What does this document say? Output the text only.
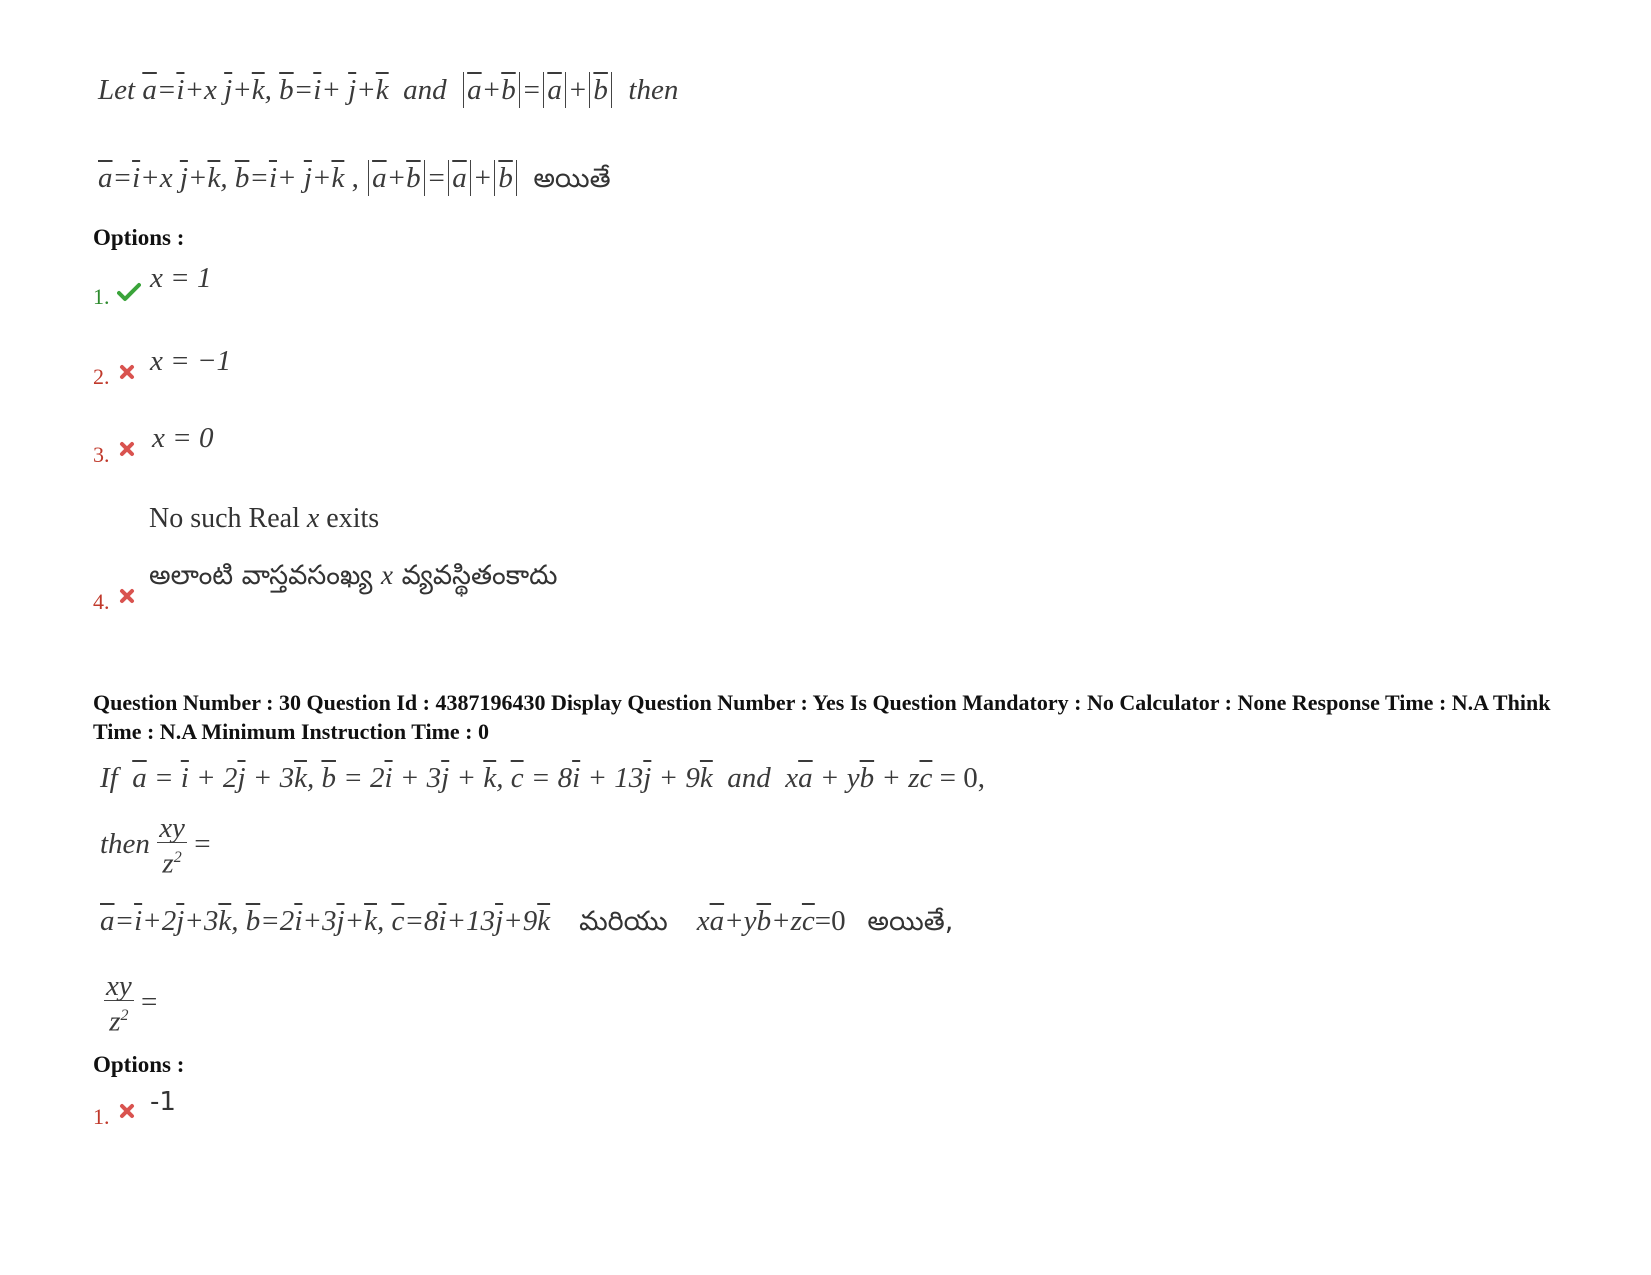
Let $\overline{a}=\overline{i}+x$ $\overline{j}+\overline{k}$, $\overline{b}=\overline{i}+ \overline{j}+\overline{k}$ and $\overline{a}+\overline{b} = \overline{a} + \overline{b}$ then
$\overline{a}=\overline{i}+x$ $\overline{j}+\overline{k}$, $\overline{b}=\overline{i}+ \overline{j}+\overline{k}$ , $\overline{a}+\overline{b} = \overline{a} + \overline{b}$ అయితే
Options :
1.
x = 1
2. x = −1
3.
x = 0
No such Real x exits
అలాంటి వాస్తవసంఖ్య x వ్యవస్థితంకాదు
4.
Question Number : 30 Question Id : 4387196430 Display Question Number : Yes Is Question Mandatory : No Calculator : None Response Time : N.A Think Time : N.A Minimum Instruction Time : 0
If $\overline{a} = \overline{i} + 2\overline{j} + 3\overline{k}$, $\overline{b} = 2\overline{i} + 3\overline{j} + \overline{k}$, $\overline{c} = 8\overline{i} + 13\overline{j} + 9\overline{k}$ and $x\overline{a} + y\overline{b} + z\overline{c} = 0$,
then $\frac{xy}{z^2}$ =
$\overline{a}=\overline{i}+2\overline{j}+3\overline{k}$, $\overline{b}=2\overline{i}+3\overline{j}+\overline{k}$, $\overline{c}=8\overline{i}+13\overline{j}+9\overline{k}$ మరియు $x\overline{a}+y\overline{b}+z\overline{c}=0$   అయితే,
$\frac{xy}{z^2}$ =
Options :
1. -1
